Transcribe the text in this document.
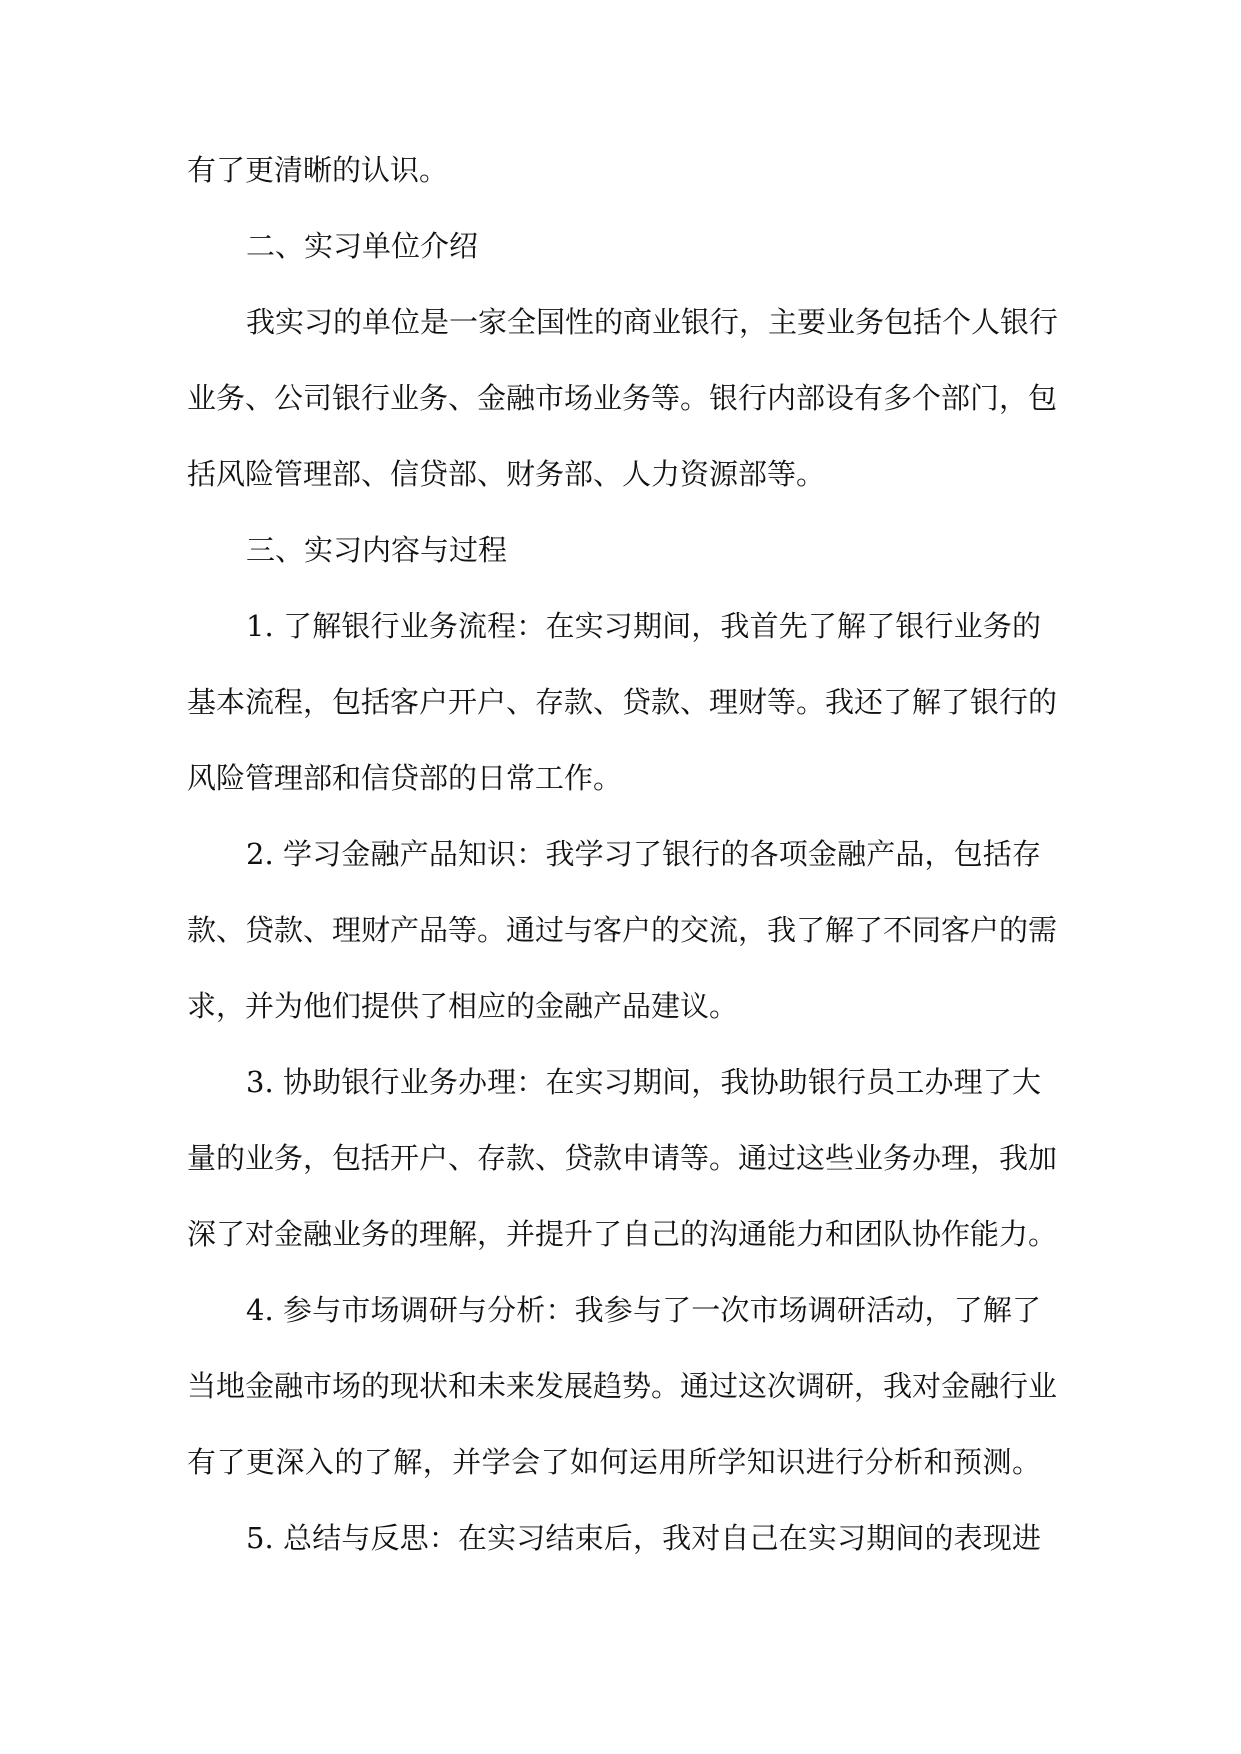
有了更清晰的认识。
二、实习单位介绍
我实习的单位是一家全国性的商业银行，主要业务包括个人银行
业务、公司银行业务、金融市场业务等。银行内部设有多个部门，包
括风险管理部、信贷部、财务部、人力资源部等。
三、实习内容与过程
1. 了解银行业务流程：在实习期间，我首先了解了银行业务的
基本流程，包括客户开户、存款、贷款、理财等。我还了解了银行的
风险管理部和信贷部的日常工作。
2. 学习金融产品知识：我学习了银行的各项金融产品，包括存
款、贷款、理财产品等。通过与客户的交流，我了解了不同客户的需
求，并为他们提供了相应的金融产品建议。
3. 协助银行业务办理：在实习期间，我协助银行员工办理了大
量的业务，包括开户、存款、贷款申请等。通过这些业务办理，我加
深了对金融业务的理解，并提升了自己的沟通能力和团队协作能力。
4. 参与市场调研与分析：我参与了一次市场调研活动，了解了
当地金融市场的现状和未来发展趋势。通过这次调研，我对金融行业
有了更深入的了解，并学会了如何运用所学知识进行分析和预测。
5. 总结与反思：在实习结束后，我对自己在实习期间的表现进
